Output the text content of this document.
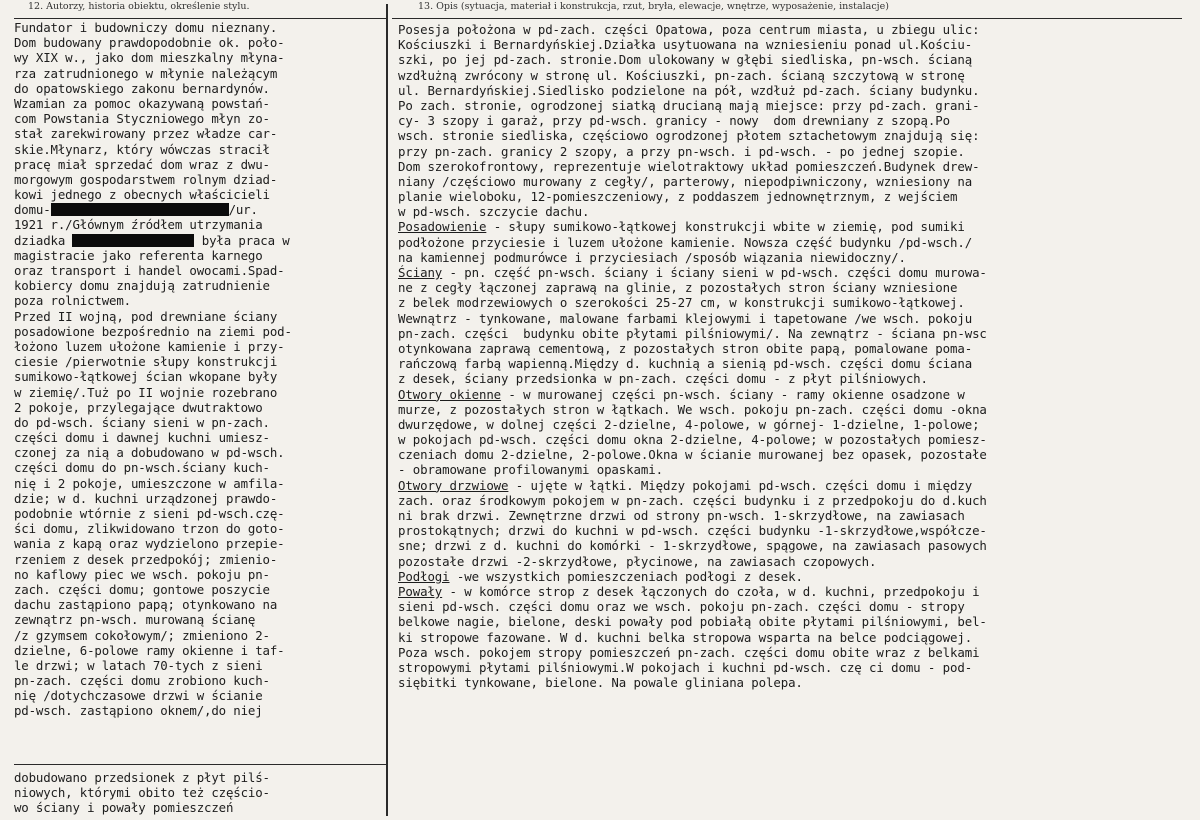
12. Autorzy, historia obiektu, określenie stylu.	13. Opis (sytuacja, materiał i konstrukcja, rzut, bryła, elewacje, wnętrze, wyposażenie, instalacje)
Fundator i budowniczy domu nieznany.
Dom budowany prawdopodobnie ok. poło-
wy XIX w., jako dom mieszkalny młyna-
rza zatrudnionego w młynie należącym
do opatowskiego zakonu bernardynów.
Wzamian za pomoc okazywaną powstań-
com Powstania Styczniowego młyn zo-
stał zarekwirowany przez władze car-
skie.Młynarz, który wówczas stracił
pracę miał sprzedać dom wraz z dwu-
morgowym gospodarstwem rolnym dziad-
kowi jednego z obecnych właścicieli
domu-	/ur.
1921 r./Głównym źródłem utrzymania
dziadka	była praca w
magistracie jako referenta karnego
oraz transport i handel owocami.Spad-
kobiercy domu znajdują zatrudnienie
poza rolnictwem.
Przed II wojną, pod drewniane ściany
posadowione bezpośrednio na ziemi pod-
łożono luzem ułożone kamienie i przy-
ciesie /pierwotnie słupy konstrukcji
sumikowo-łątkowej ścian wkopane były
w ziemię/.Tuż po II wojnie rozebrano
2 pokoje, przylegające dwutraktowo
do pd-wsch. ściany sieni w pn-zach.
części domu i dawnej kuchni umiesz-
czonej za nią a dobudowano w pd-wsch.
części domu do pn-wsch.ściany kuch-
nię i 2 pokoje, umieszczone w amfila-
dzie; w d. kuchni urządzonej prawdo-
podobnie wtórnie z sieni pd-wsch.czę-
ści domu, zlikwidowano trzon do goto-
wania z kapą oraz wydzielono przepie-
rzeniem z desek przedpokój; zmienio-
no kaflowy piec we wsch. pokoju pn-
zach. części domu; gontowe poszycie
dachu zastąpiono papą; otynkowano na
zewnątrz pn-wsch. murowaną ścianę
/z gzymsem cokołowym/; zmieniono 2-
dzielne, 6-polowe ramy okienne i taf-
le drzwi; w latach 70-tych z sieni
pn-zach. części domu zrobiono kuch-
nię /dotychczasowe drzwi w ścianie
pd-wsch. zastąpiono oknem/,do niej
dobudowano przedsionek z płyt pilś-
niowych, którymi obito też częścio-
wo ściany i powały pomieszczeń
Posesja położona w pd-zach. części Opatowa, poza centrum miasta, u zbiegu ulic:
Kościuszki i Bernardyńskiej.Działka usytuowana na wzniesieniu ponad ul.Kościu-
szki, po jej pd-zach. stronie.Dom ulokowany w głębi siedliska, pn-wsch. ścianą
wzdłużną zwrócony w stronę ul. Kościuszki, pn-zach. ścianą szczytową w stronę
ul. Bernardyńskiej.Siedlisko podzielone na pół, wzdłuż pd-zach. ściany budynku.
Po zach. stronie, ogrodzonej siatką drucianą mają miejsce: przy pd-zach. grani-
cy- 3 szopy i garaż, przy pd-wsch. granicy - nowy  dom drewniany z szopą.Po
wsch. stronie siedliska, częściowo ogrodzonej płotem sztachetowym znajdują się:
przy pn-zach. granicy 2 szopy, a przy pn-wsch. i pd-wsch. - po jednej szopie.
Dom szerokofrontowy, reprezentuje wielotraktowy układ pomieszczeń.Budynek drew-
niany /częściowo murowany z cegły/, parterowy, niepodpiwniczony, wzniesiony na
planie wieloboku, 12-pomieszczeniowy, z poddaszem jednownętrznym, z wejściem
w pd-wsch. szczycie dachu.
Posadowienie - słupy sumikowo-łątkowej konstrukcji wbite w ziemię, pod sumiki
podłożone przyciesie i luzem ułożone kamienie. Nowsza część budynku /pd-wsch./
na kamiennej podmurówce i przyciesiach /sposób wiązania niewidoczny/.
Ściany - pn. część pn-wsch. ściany i ściany sieni w pd-wsch. części domu murowa-
ne z cegły łączonej zaprawą na glinie, z pozostałych stron ściany wzniesione
z belek modrzewiowych o szerokości 25-27 cm, w konstrukcji sumikowo-łątkowej.
Wewnątrz - tynkowane, malowane farbami klejowymi i tapetowane /we wsch. pokoju
pn-zach. części  budynku obite płytami pilśniowymi/. Na zewnątrz - ściana pn-wsc
otynkowana zaprawą cementową, z pozostałych stron obite papą, pomalowane poma-
rańczową farbą wapienną.Między d. kuchnią a sienią pd-wsch. części domu ściana
z desek, ściany przedsionka w pn-zach. części domu - z płyt pilśniowych.
Otwory okienne - w murowanej części pn-wsch. ściany - ramy okienne osadzone w
murze, z pozostałych stron w łątkach. We wsch. pokoju pn-zach. części domu -okna
dwurzędowe, w dolnej części 2-dzielne, 4-polowe, w górnej- 1-dzielne, 1-polowe;
w pokojach pd-wsch. części domu okna 2-dzielne, 4-polowe; w pozostałych pomiesz-
czeniach domu 2-dzielne, 2-polowe.Okna w ścianie murowanej bez opasek, pozostałe
- obramowane profilowanymi opaskami.
Otwory drzwiowe - ujęte w łątki. Między pokojami pd-wsch. części domu i między
zach. oraz środkowym pokojem w pn-zach. części budynku i z przedpokoju do d.kuch
ni brak drzwi. Zewnętrzne drzwi od strony pn-wsch. 1-skrzydłowe, na zawiasach
prostokątnych; drzwi do kuchni w pd-wsch. części budynku -1-skrzydłowe,współcze-
sne; drzwi z d. kuchni do komórki - 1-skrzydłowe, spągowe, na zawiasach pasowych
pozostałe drzwi -2-skrzydłowe, płycinowe, na zawiasach czopowych.
Podłogi -we wszystkich pomieszczeniach podłogi z desek.
Powały - w komórce strop z desek łączonych do czoła, w d. kuchni, przedpokoju i
sieni pd-wsch. części domu oraz we wsch. pokoju pn-zach. części domu - stropy
belkowe nagie, bielone, deski powały pod pobiałą obite płytami pilśniowymi, bel-
ki stropowe fazowane. W d. kuchni belka stropowa wsparta na belce podciągowej.
Poza wsch. pokojem stropy pomieszczeń pn-zach. części domu obite wraz z belkami
stropowymi płytami pilśniowymi.W pokojach i kuchni pd-wsch. czę ci domu - pod-
siębitki tynkowane, bielone. Na powale gliniana polepa.
